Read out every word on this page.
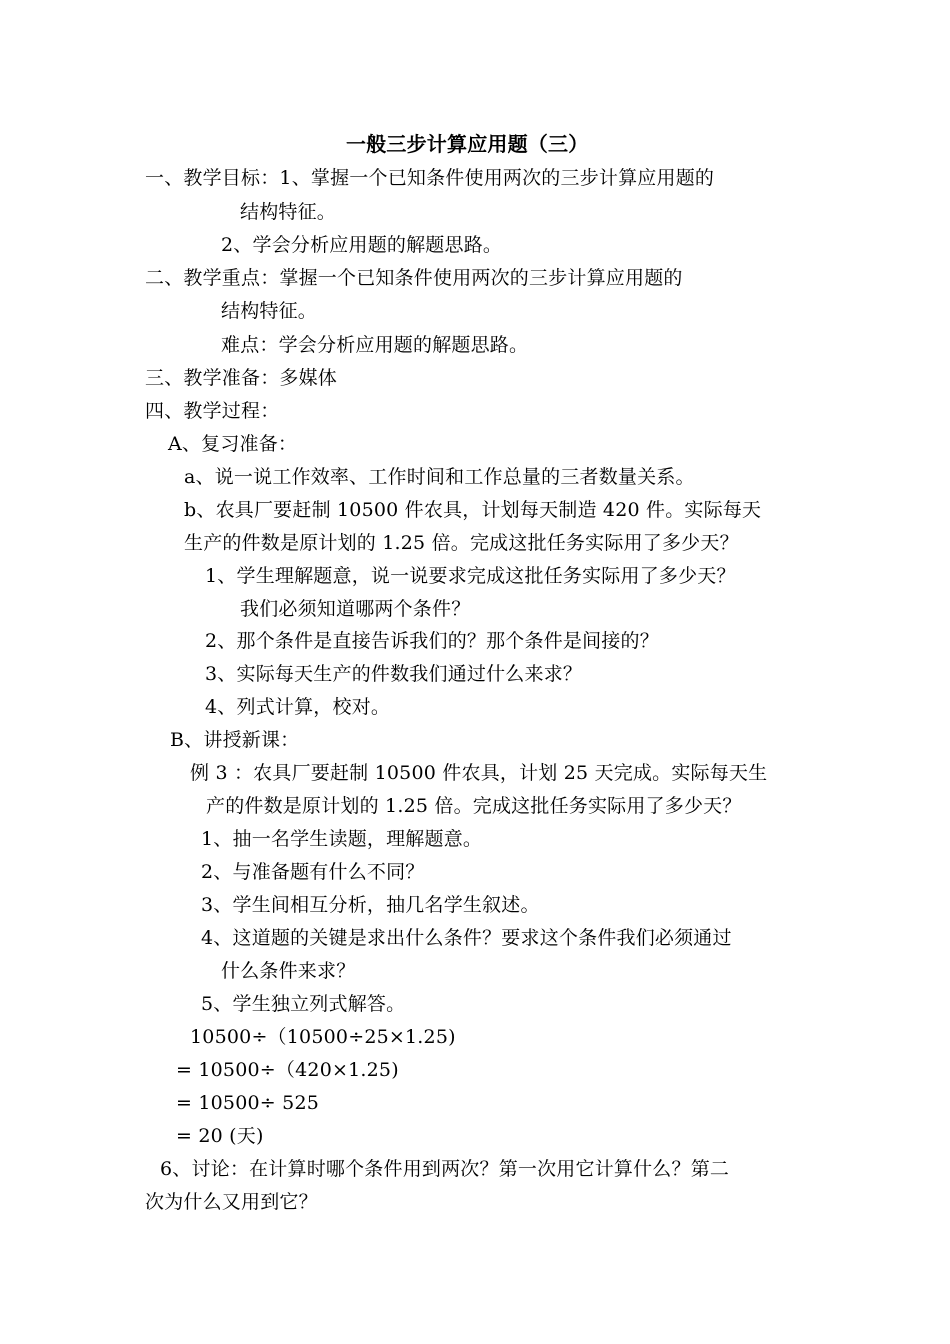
一般三步计算应用题（三）
一、教学目标：1、掌握一个已知条件使用两次的三步计算应用题的
结构特征。
2、学会分析应用题的解题思路。
二、教学重点：掌握一个已知条件使用两次的三步计算应用题的
结构特征。
难点：学会分析应用题的解题思路。
三、教学准备：多媒体
四、教学过程：
A、复习准备：
a、说一说工作效率、工作时间和工作总量的三者数量关系。
b、农具厂要赶制 10500 件农具，计划每天制造 420 件。实际每天
生产的件数是原计划的 1.25 倍。完成这批任务实际用了多少天？
1、学生理解题意，说一说要求完成这批任务实际用了多少天？
我们必须知道哪两个条件？
2、那个条件是直接告诉我们的？那个条件是间接的？
3、实际每天生产的件数我们通过什么来求？
4、列式计算，校对。
B、讲授新课：
例 3 ：农具厂要赶制 10500 件农具，计划 25 天完成。实际每天生
产的件数是原计划的 1.25 倍。完成这批任务实际用了多少天？
1、抽一名学生读题，理解题意。
2、与准备题有什么不同？
3、学生间相互分析，抽几名学生叙述。
4、这道题的关键是求出什么条件？要求这个条件我们必须通过
什么条件来求？
5、学生独立列式解答。
10500÷（10500÷25×1.25)
= 10500÷（420×1.25)
= 10500÷ 525
= 20 (天)
6、讨论：在计算时哪个条件用到两次？第一次用它计算什么？第二
次为什么又用到它？
